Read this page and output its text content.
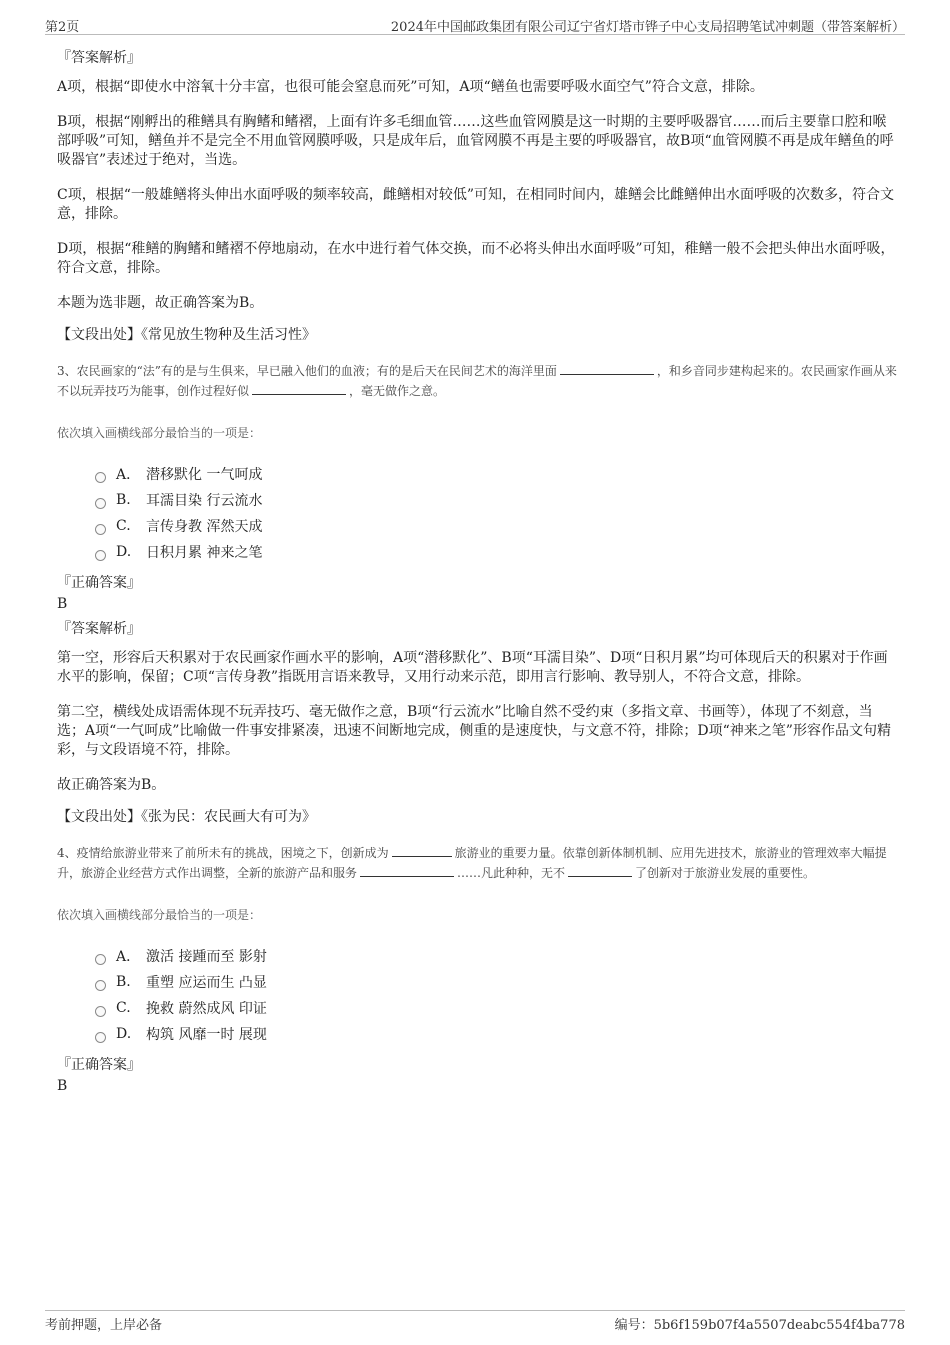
第2页	2024年中国邮政集团有限公司辽宁省灯塔市铧子中心支局招聘笔试冲刺题（带答案解析）
『答案解析』

A项，根据“即使水中溶氧十分丰富，也很可能会窒息而死”可知，A项“鳝鱼也需要呼吸水面空气”符合文意，排除。

B项，根据“刚孵出的稚鳝具有胸鳍和鳍褶，上面有许多毛细血管……这些血管网膜是这一时期的主要呼吸器官……而后主要靠口腔和喉部呼吸”可知，鳝鱼并不是完全不用血管网膜呼吸，只是成年后，血管网膜不再是主要的呼吸器官，故B项“血管网膜不再是成年鳝鱼的呼吸器官”表述过于绝对，当选。

C项，根据“一般雄鳝将头伸出水面呼吸的频率较高，雌鳝相对较低”可知，在相同时间内，雄鳝会比雌鳝伸出水面呼吸的次数多，符合文意，排除。

D项，根据“稚鳝的胸鳍和鳍褶不停地扇动，在水中进行着气体交换，而不必将头伸出水面呼吸”可知，稚鳝一般不会把头伸出水面呼吸，符合文意，排除。

本题为选非题，故正确答案为B。

【文段出处】《常见放生物种及生活习性》
3、农民画家的“法”有的是与生俱来，早已融入他们的血液；有的是后天在民间艺术的海洋里面	，和乡音同步建构起来的。农民画家作画从来不以玩弄技巧为能事，创作过程好似	，毫无做作之意。
依次填入画横线部分最恰当的一项是：
A． 潜移默化 一气呵成
B.	耳濡目染 行云流水
C.	言传身教 浑然天成
D.	日积月累 神来之笔
『正确答案』
B
『答案解析』

第一空，形容后天积累对于农民画家作画水平的影响，A项“潜移默化”、B项“耳濡目染”、D项“日积月累”均可体现后天的积累对于作画水平的影响，保留；C项“言传身教”指既用言语来教导，又用行动来示范，即用言行影响、教导别人，不符合文意，排除。

第二空，横线处成语需体现不玩弄技巧、毫无做作之意，B项“行云流水”比喻自然不受约束（多指文章、书画等），体现了不刻意，当选；A项“一气呵成”比喻做一件事安排紧凑，迅速不间断地完成，侧重的是速度快，与文意不符，排除；D项“神来之笔”形容作品文句精彩，与文段语境不符，排除。

故正确答案为B。

【文段出处】《张为民：农民画大有可为》
4、疫情给旅游业带来了前所未有的挑战，困境之下，创新成为	旅游业的重要力量。依靠创新体制机制、应用先进技术，旅游业的管理效率大幅提升，旅游企业经营方式作出调整，全新的旅游产品和服务	……凡此种种，无不	了创新对于旅游业发展的重要性。
依次填入画横线部分最恰当的一项是：
A． 激活 接踵而至 影射
B.	重塑 应运而生 凸显
C.	挽救 蔚然成风 印证
D.	构筑 风靡一时 展现
『正确答案』
B
考前押题，上岸必备	编号：5b6f159b07f4a5507deabc554f4ba778
